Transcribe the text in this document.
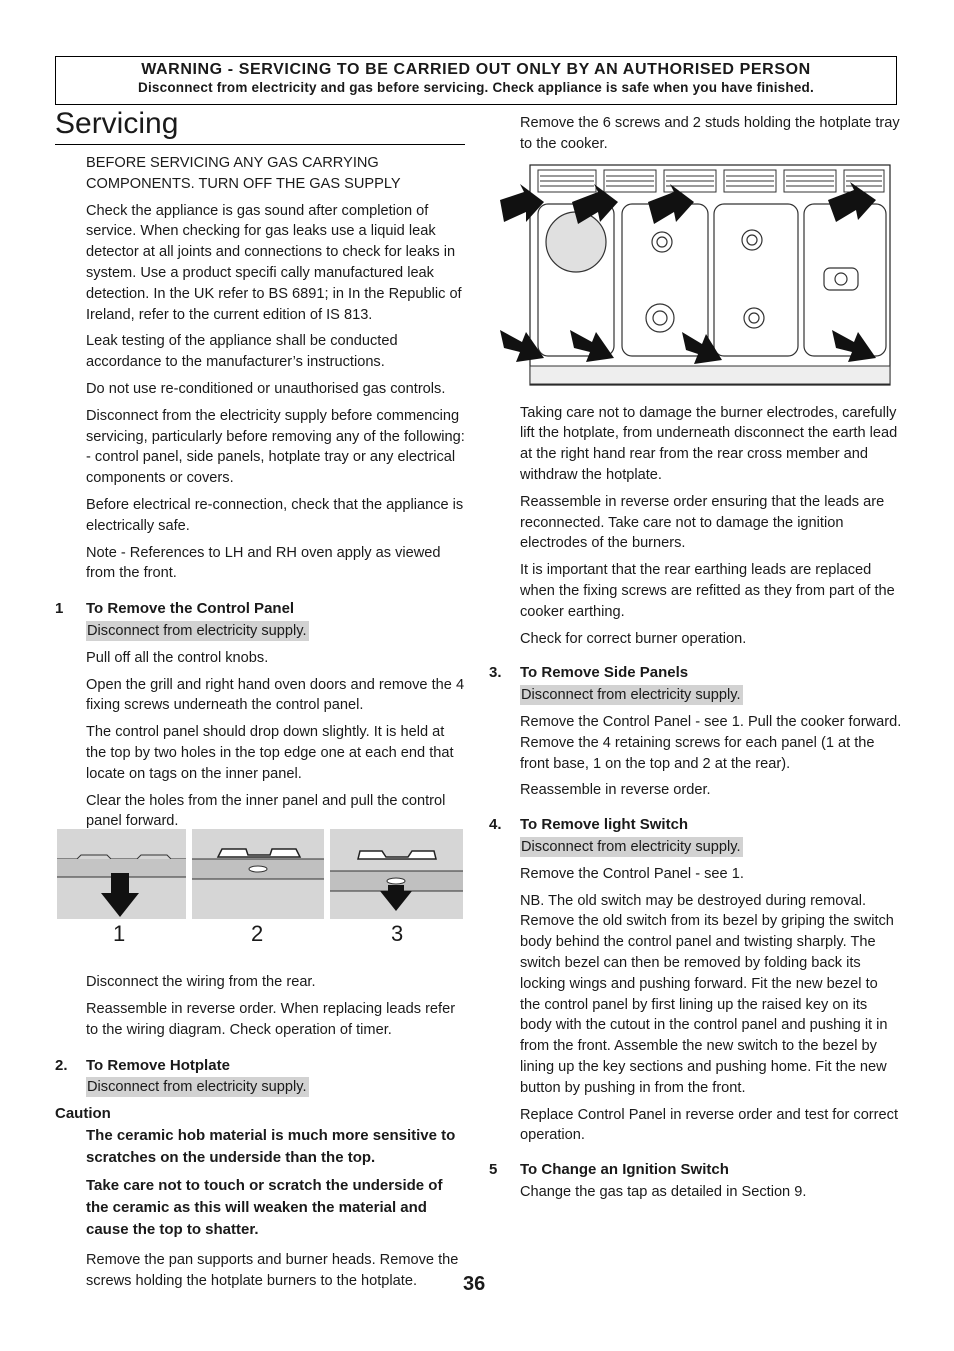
WARNING - SERVICING TO BE CARRIED OUT ONLY BY AN AUTHORISED PERSON
Disconnect from electricity and gas before servicing. Check appliance is safe when you have finished.
Servicing

BEFORE SERVICING ANY GAS CARRYING COMPONENTS. TURN OFF THE GAS SUPPLY

Check the appliance is gas sound after completion of service. When checking for gas leaks use a liquid leak detector at all joints and connections to check for leaks in system. Use a product specifi cally manufactured leak detection. In the UK refer to BS 6891; in In the Republic of Ireland, refer to the current edition of IS 813.

Leak testing of the appliance shall be conducted accordance to the manufacturer’s instructions.

Do not use re-conditioned or unauthorised gas controls.

Disconnect from the electricity supply before commencing servicing, particularly before removing any of the following: - control panel, side panels, hotplate tray or any electrical components or covers.

Before electrical re-connection, check that the appliance is electrically safe.

Note - References to LH and RH oven apply as viewed from the front.

1 To Remove the Control Panel

Disconnect from electricity supply.

Pull off all the control knobs.

Open the grill and right hand oven doors and remove the 4 fixing screws underneath the control panel.

The control panel should drop down slightly. It is held at the top by two holes in the top edge one at each end that locate on tags on the inner panel.

Clear the holes from the inner panel and pull the control panel forward.

Disconnect the wiring from the rear.

Reassemble in reverse order. When replacing leads refer to the wiring diagram. Check operation of timer.

2. To Remove Hotplate

Disconnect from electricity supply.

Caution

The ceramic hob material is much more sensitive to scratches on the underside than the top.

Take care not to touch or scratch the underside of the ceramic as this will weaken the material and cause the top to shatter.

Remove the pan supports and burner heads. Remove the screws holding the hotplate burners to the hotplate.

1	2	3

Remove the 6 screws and 2 studs holding the hotplate tray to the cooker.

Taking care not to damage the burner electrodes, carefully lift the hotplate, from underneath disconnect the earth lead at the right hand rear from the rear cross member and withdraw the hotplate.

Reassemble in reverse order ensuring that the leads are reconnected. Take care not to damage the ignition electrodes of the burners.

It is important that the rear earthing leads are replaced when the fixing screws are refitted as they from part of the cooker earthing.

Check for correct burner operation.

3. To Remove Side Panels

Disconnect from electricity supply.

Remove the Control Panel - see 1. Pull the cooker forward. Remove the 4 retaining screws for each panel (1 at the front base, 1 on the top and 2 at the rear).

Reassemble in reverse order.

4. To Remove light Switch

Disconnect from electricity supply.

Remove the Control Panel - see 1.

NB. The old switch may be destroyed during removal. Remove the old switch from its bezel by griping the switch body behind the control panel and twisting sharply. The switch bezel can then be removed by folding back its locking wings and pushing forward. Fit the new bezel to the control panel by first lining up the raised key on its body with the cutout in the control panel and pushing it in from the front. Assemble the new switch to the bezel by lining up the key sections and pushing home. Fit the new button by pushing in from the front.

Replace Control Panel in reverse order and test for correct operation.

5 To Change an Ignition Switch

Change the gas tap as detailed in Section 9.

36
